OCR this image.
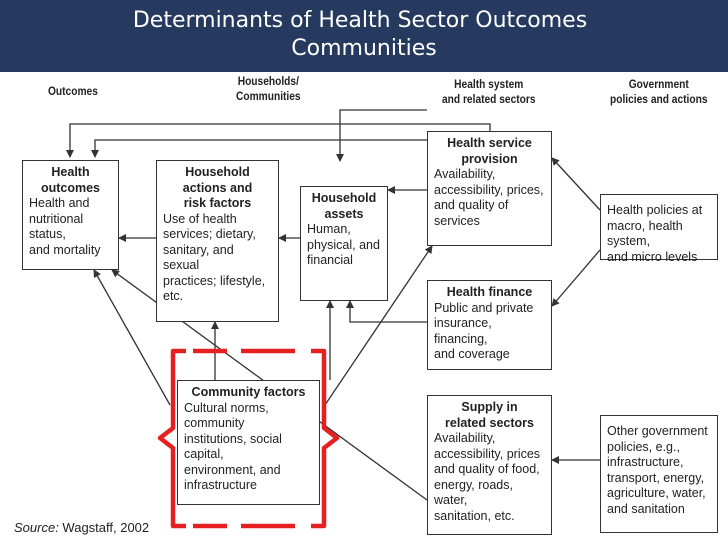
Determinants of Health Sector Outcomes
Communities
Outcomes
Households/
Communities
Health system
and related sectors
Government
policies and actions
Health
outcomes
Health and
nutritional status,
and mortality
Household
actions and
risk factors
Use of health
services; dietary,
sanitary, and sexual
practices; lifestyle,
etc.
Household
assets
Human,
physical, and
financial
Health service
provision
Availability,
accessibility, prices,
and quality of services
Health policies at
macro, health system,
and micro levels
Health finance
Public and private
insurance, financing,
and coverage
Community factors
Cultural norms,
community
institutions, social capital,
environment, and
infrastructure
Supply in
related sectors
Availability,
accessibility, prices
and quality of food,
energy, roads, water,
sanitation, etc.
Other government
policies, e.g.,
infrastructure,
transport, energy,
agriculture, water,
and sanitation
Source: Wagstaff, 2002
